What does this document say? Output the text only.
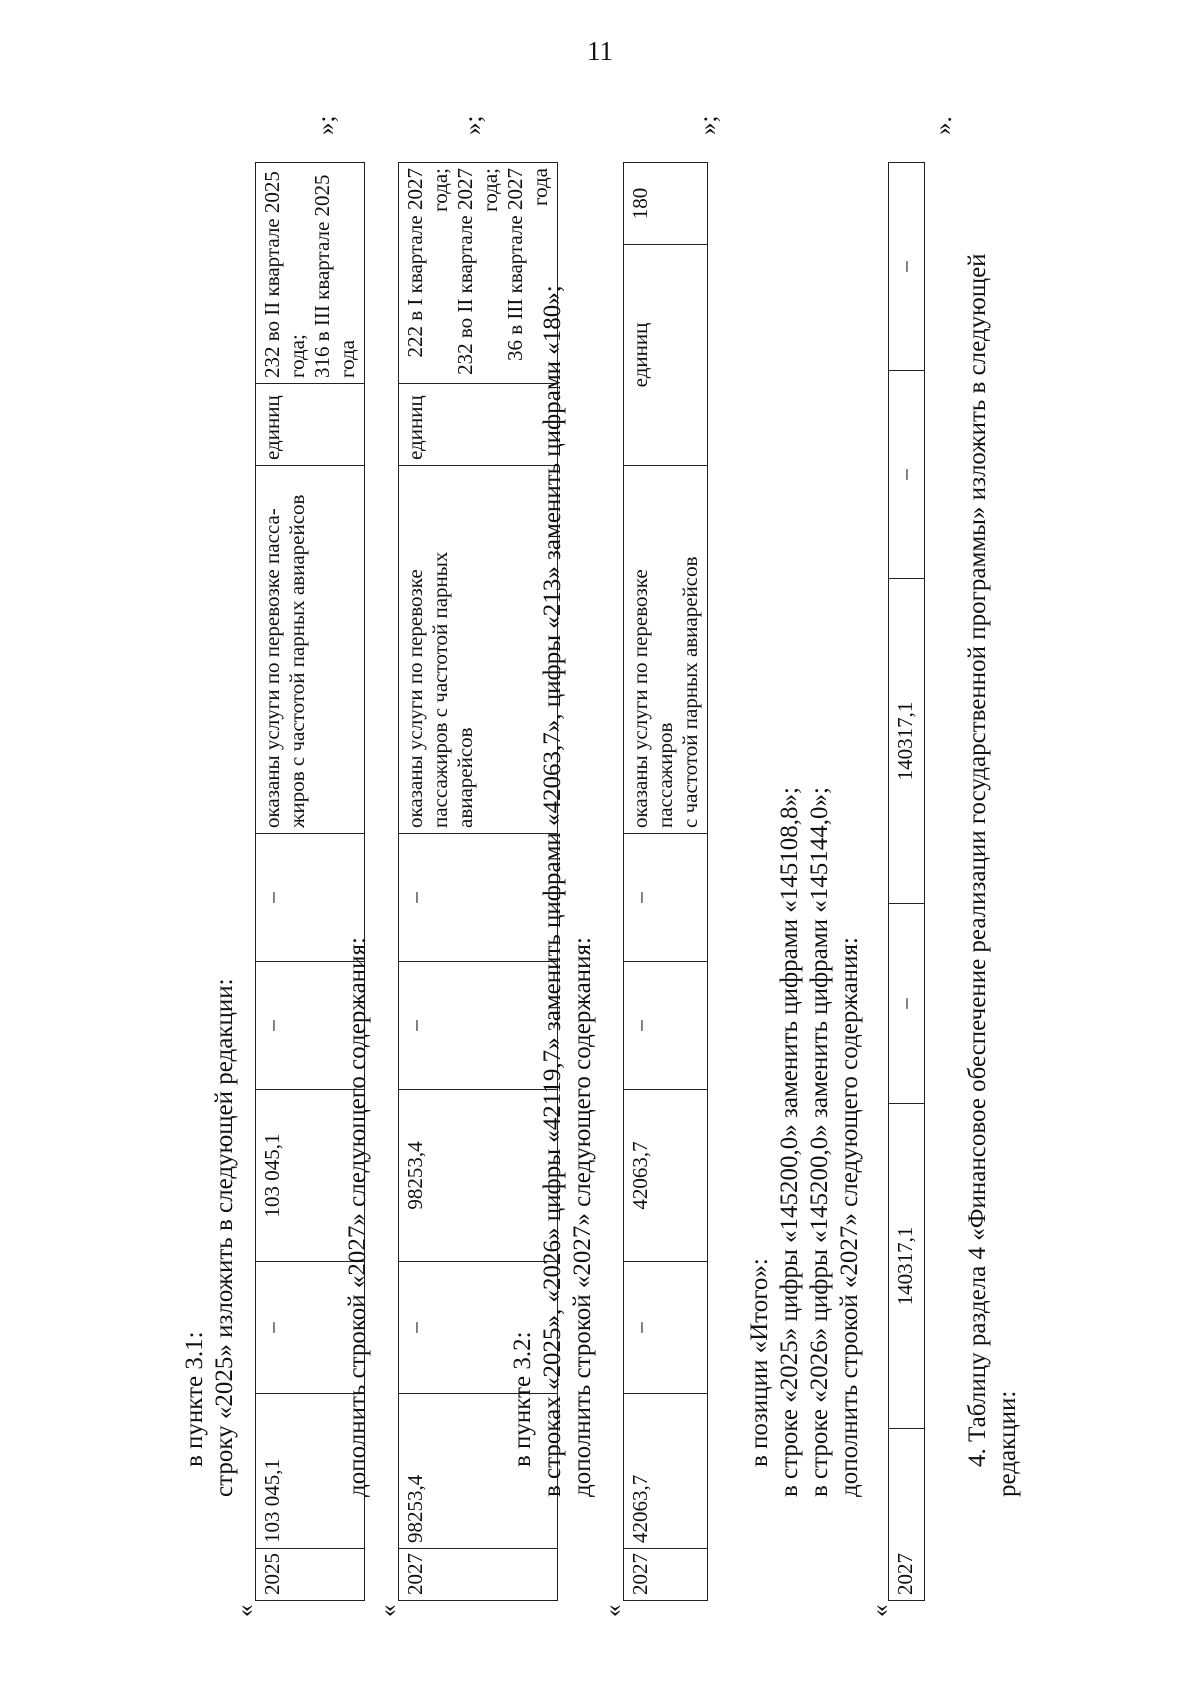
11
в пункте 3.1: строку «2025» изложить в следующей редакции:
«
2025	103 045,1	–	103 045,1	–	–	оказаны услуги по перевозке пасса-
жиров с частотой парных авиарейсов	единиц	232 во II квартале 2025 года;
316 в III квартале 2025 года
»;
дополнить строкой «2027» следующего содержания:
«
2027	98253,4	–	98253,4	–	–	оказаны услуги по перевозке
пассажиров с частотой парных
авиарейсов	единиц	222 в I квартале 2027 года;
232 во II квартале 2027 года;
36 в III квартале 2027 года
»;
в пункте 3.2: в строках «2025», «2026» цифры «42119,7» заменить цифрами «42063,7», цифры «213» заменить цифрами «180»; дополнить строкой «2027» следующего содержания:
«
2027	42063,7	–	42063,7	–	–	оказаны услуги по перевозке пассажиров
с частотой парных авиарейсов	единиц	180
»;
в позиции «Итого»: в строке «2025» цифры «145200,0» заменить цифрами «145108,8»; в строке «2026» цифры «145200,0» заменить цифрами «145144,0»; дополнить строкой «2027» следующего содержания:
«
2027	140317,1	–	140317,1	–	–
».
4. Таблицу раздела 4 «Финансовое обеспечение реализации государственной программы» изложить в следующей редакции:
